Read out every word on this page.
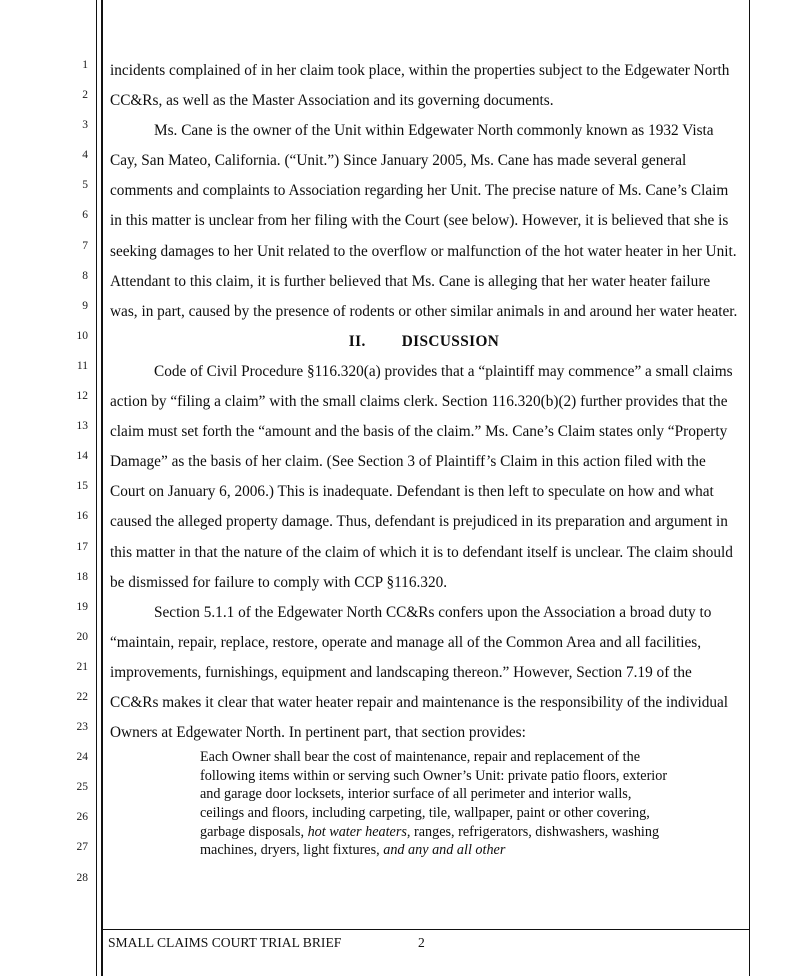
1
2
3
4
5
6
7
8
9
10
11
12
13
14
15
16
17
18
19
20
21
22
23
24
25
26
27
28

incidents complained of in her claim took place, within the properties subject to the Edgewater North CC&Rs, as well as the Master Association and its governing documents.

Ms. Cane is the owner of the Unit within Edgewater North commonly known as 1932 Vista Cay, San Mateo, California. (“Unit.”) Since January 2005, Ms. Cane has made several general comments and complaints to Association regarding her Unit. The precise nature of Ms. Cane’s Claim in this matter is unclear from her filing with the Court (see below). However, it is believed that she is seeking damages to her Unit related to the overflow or malfunction of the hot water heater in her Unit. Attendant to this claim, it is further believed that Ms. Cane is alleging that her water heater failure was, in part, caused by the presence of rodents or other similar animals in and around her water heater.

II. DISCUSSION

Code of Civil Procedure §116.320(a) provides that a “plaintiff may commence” a small claims action by “filing a claim” with the small claims clerk. Section 116.320(b)(2) further provides that the claim must set forth the “amount and the basis of the claim.” Ms. Cane’s Claim states only “Property Damage” as the basis of her claim. (See Section 3 of Plaintiff’s Claim in this action filed with the Court on January 6, 2006.) This is inadequate. Defendant is then left to speculate on how and what caused the alleged property damage. Thus, defendant is prejudiced in its preparation and argument in this matter in that the nature of the claim of which it is to defendant itself is unclear. The claim should be dismissed for failure to comply with CCP §116.320.

Section 5.1.1 of the Edgewater North CC&Rs confers upon the Association a broad duty to “maintain, repair, replace, restore, operate and manage all of the Common Area and all facilities, improvements, furnishings, equipment and landscaping thereon.” However, Section 7.19 of the CC&Rs makes it clear that water heater repair and maintenance is the responsibility of the individual Owners at Edgewater North. In pertinent part, that section provides:

Each Owner shall bear the cost of maintenance, repair and replacement of the following items within or serving such Owner’s Unit: private patio floors, exterior and garage door locksets, interior surface of all perimeter and interior walls, ceilings and floors, including carpeting, tile, wallpaper, paint or other covering, garbage disposals, hot water heaters, ranges, refrigerators, dishwashers, washing machines, dryers, light fixtures, and any and all other
SMALL CLAIMS COURT TRIAL BRIEF	2
